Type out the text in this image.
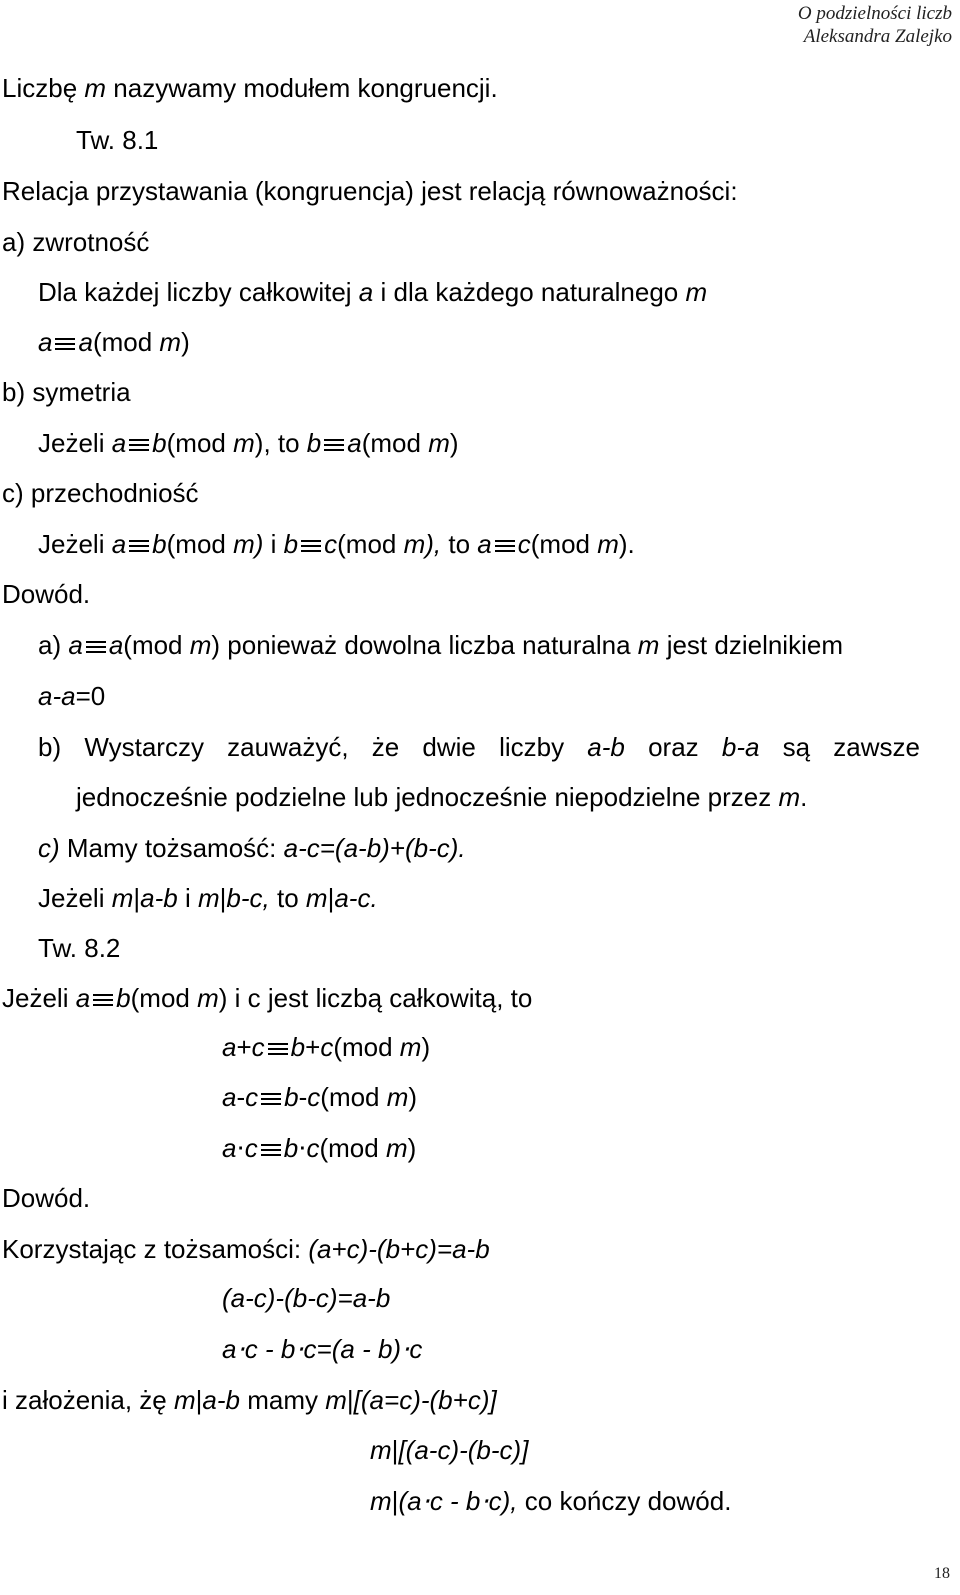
O podzielności liczb
Aleksandra Zalejko
Liczbę m nazywamy modułem kongruencji.
Tw. 8.1
Relacja przystawania (kongruencja) jest relacją równoważności:
a) zwrotność
Dla każdej liczby całkowitej a i dla każdego naturalnego m
a a(mod m)
b) symetria
Jeżeli a b(mod m), to b a(mod m)
c) przechodniość
Jeżeli a b(mod m) i b c(mod m), to a c(mod m).
Dowód.
a) a a(mod m) ponieważ dowolna liczba naturalna m jest dzielnikiem
a-a=0
b) Wystarczy zauważyć, że dwie liczby a-b oraz b-a są zawsze
jednocześnie podzielne lub jednocześnie niepodzielne przez m.
c) Mamy tożsamość: a-c=(a-b)+(b-c).
Jeżeli m|a-b i m|b-c, to m|a-c.
Tw. 8.2
Jeżeli a b(mod m) i c jest liczbą całkowitą, to
a+c b+c(mod m)
a-c b-c(mod m)
a⋅c b⋅c(mod m)
Dowód.
Korzystając z tożsamości: (a+c)-(b+c)=a-b
(a-c)-(b-c)=a-b
a⋅c - b⋅c=(a - b)⋅c
i założenia, żę m|a-b mamy m|[(a=c)-(b+c)]
m|[(a-c)-(b-c)]
m|(a⋅c - b⋅c), co kończy dowód.
18
